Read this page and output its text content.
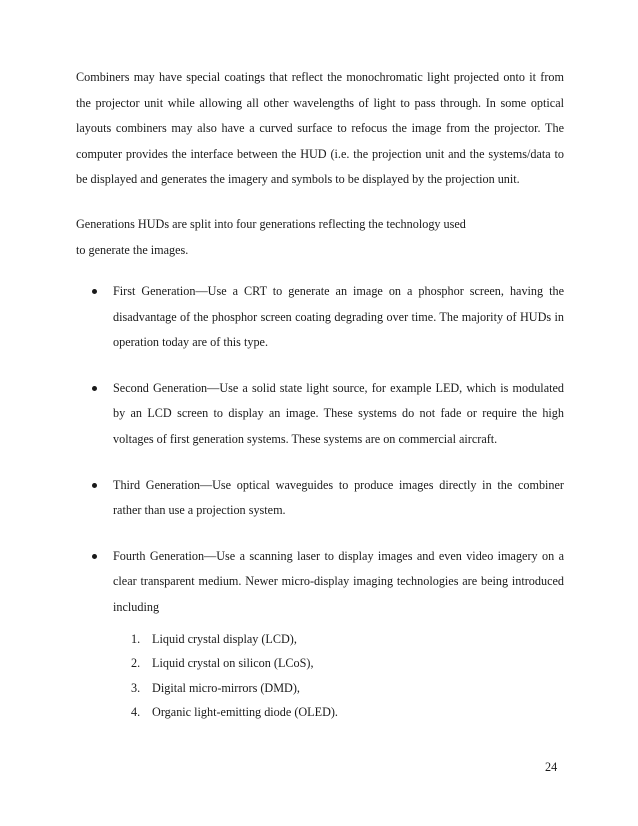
Combiners may have special coatings that reflect the monochromatic light projected onto it from the projector unit while allowing all other wavelengths of light to pass through. In some optical layouts combiners may also have a curved surface to refocus the image from the projector. The computer provides the interface between the HUD (i.e. the projection unit and the systems/data to be displayed and generates the imagery and symbols to be displayed by the projection unit.

Generations HUDs are split into four generations reflecting the technology used
to generate the images.

First Generation—Use a CRT to generate an image on a phosphor screen, having the disadvantage of the phosphor screen coating degrading over time. The majority of HUDs in operation today are of this type.
Second Generation—Use a solid state light source, for example LED, which is modulated by an LCD screen to display an image. These systems do not fade or require the high voltages of first generation systems. These systems are on commercial aircraft.
Third Generation—Use optical waveguides to produce images directly in the combiner rather than use a projection system.
Fourth Generation—Use a scanning laser to display images and even video imagery on a clear transparent medium. Newer micro-display imaging technologies are being introduced including
1. Liquid crystal display (LCD),
2. Liquid crystal on silicon (LCoS),
3. Digital micro-mirrors (DMD),
4. Organic light-emitting diode (OLED).
24
